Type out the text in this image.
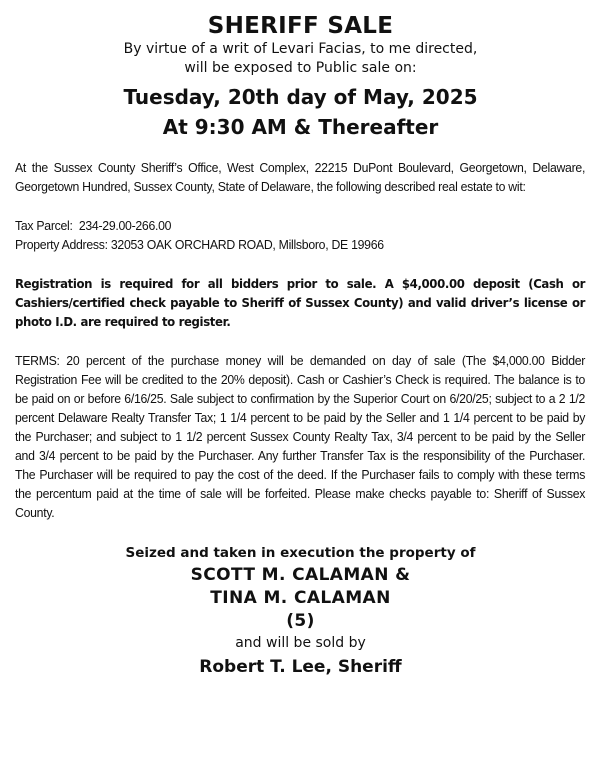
SHERIFF SALE
By virtue of a writ of Levari Facias, to me directed,
will be exposed to Public sale on:
Tuesday, 20th day of May, 2025
At 9:30 AM & Thereafter
At the Sussex County Sheriff’s Office, West Complex, 22215 DuPont Boulevard, Georgetown, Delaware, Georgetown Hundred, Sussex County, State of Delaware, the following described real estate to wit:
Tax Parcel:  234-29.00-266.00
Property Address: 32053 OAK ORCHARD ROAD, Millsboro, DE 19966
Registration is required for all bidders prior to sale. A $4,000.00 deposit (Cash or Cashiers/certified check payable to Sheriff of Sussex County) and valid driver’s license or photo I.D. are required to register.
TERMS: 20 percent of the purchase money will be demanded on day of sale (The $4,000.00 Bidder Registration Fee will be credited to the 20% deposit). Cash or Cashier’s Check is required. The balance is to be paid on or before 6/16/25. Sale subject to confirmation by the Superior Court on 6/20/25; subject to a 2 1/2 percent Delaware Realty Transfer Tax; 1 1/4 percent to be paid by the Seller and 1 1/4 percent to be paid by the Purchaser; and subject to 1 1/2 percent Sussex County Realty Tax, 3/4 percent to be paid by the Seller and 3/4 percent to be paid by the Purchaser. Any further Transfer Tax is the responsibility of the Purchaser. The Purchaser will be required to pay the cost of the deed. If the Purchaser fails to comply with these terms the percentum paid at the time of sale will be forfeited. Please make checks payable to: Sheriff of Sussex County.
Seized and taken in execution the property of
SCOTT M. CALAMAN &
TINA M. CALAMAN
(5)
and will be sold by
Robert T. Lee, Sheriff
